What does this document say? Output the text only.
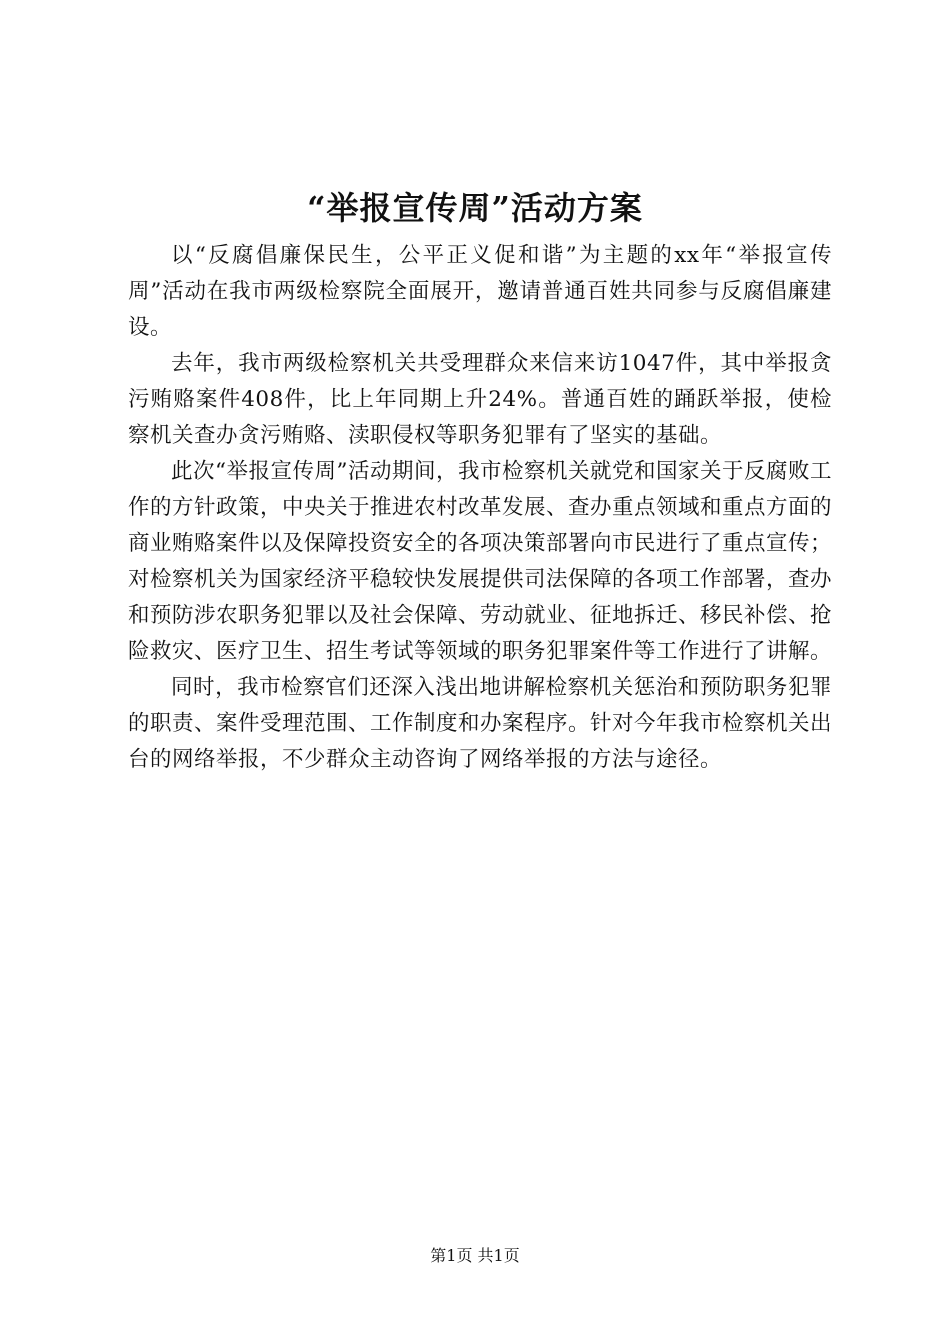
“举报宣传周”活动方案

以“反腐倡廉保民生，公平正义促和谐”为主题的xx年“举报宣传周”活动在我市两级检察院全面展开，邀请普通百姓共同参与反腐倡廉建设。

去年，我市两级检察机关共受理群众来信来访1047件，其中举报贪污贿赂案件408件，比上年同期上升24%。普通百姓的踊跃举报，使检察机关查办贪污贿赂、渎职侵权等职务犯罪有了坚实的基础。

此次“举报宣传周”活动期间，我市检察机关就党和国家关于反腐败工作的方针政策，中央关于推进农村改革发展、查办重点领域和重点方面的商业贿赂案件以及保障投资安全的各项决策部署向市民进行了重点宣传；对检察机关为国家经济平稳较快发展提供司法保障的各项工作部署，查办和预防涉农职务犯罪以及社会保障、劳动就业、征地拆迁、移民补偿、抢险救灾、医疗卫生、招生考试等领域的职务犯罪案件等工作进行了讲解。

同时，我市检察官们还深入浅出地讲解检察机关惩治和预防职务犯罪的职责、案件受理范围、工作制度和办案程序。针对今年我市检察机关出台的网络举报，不少群众主动咨询了网络举报的方法与途径。

第1页 共1页
